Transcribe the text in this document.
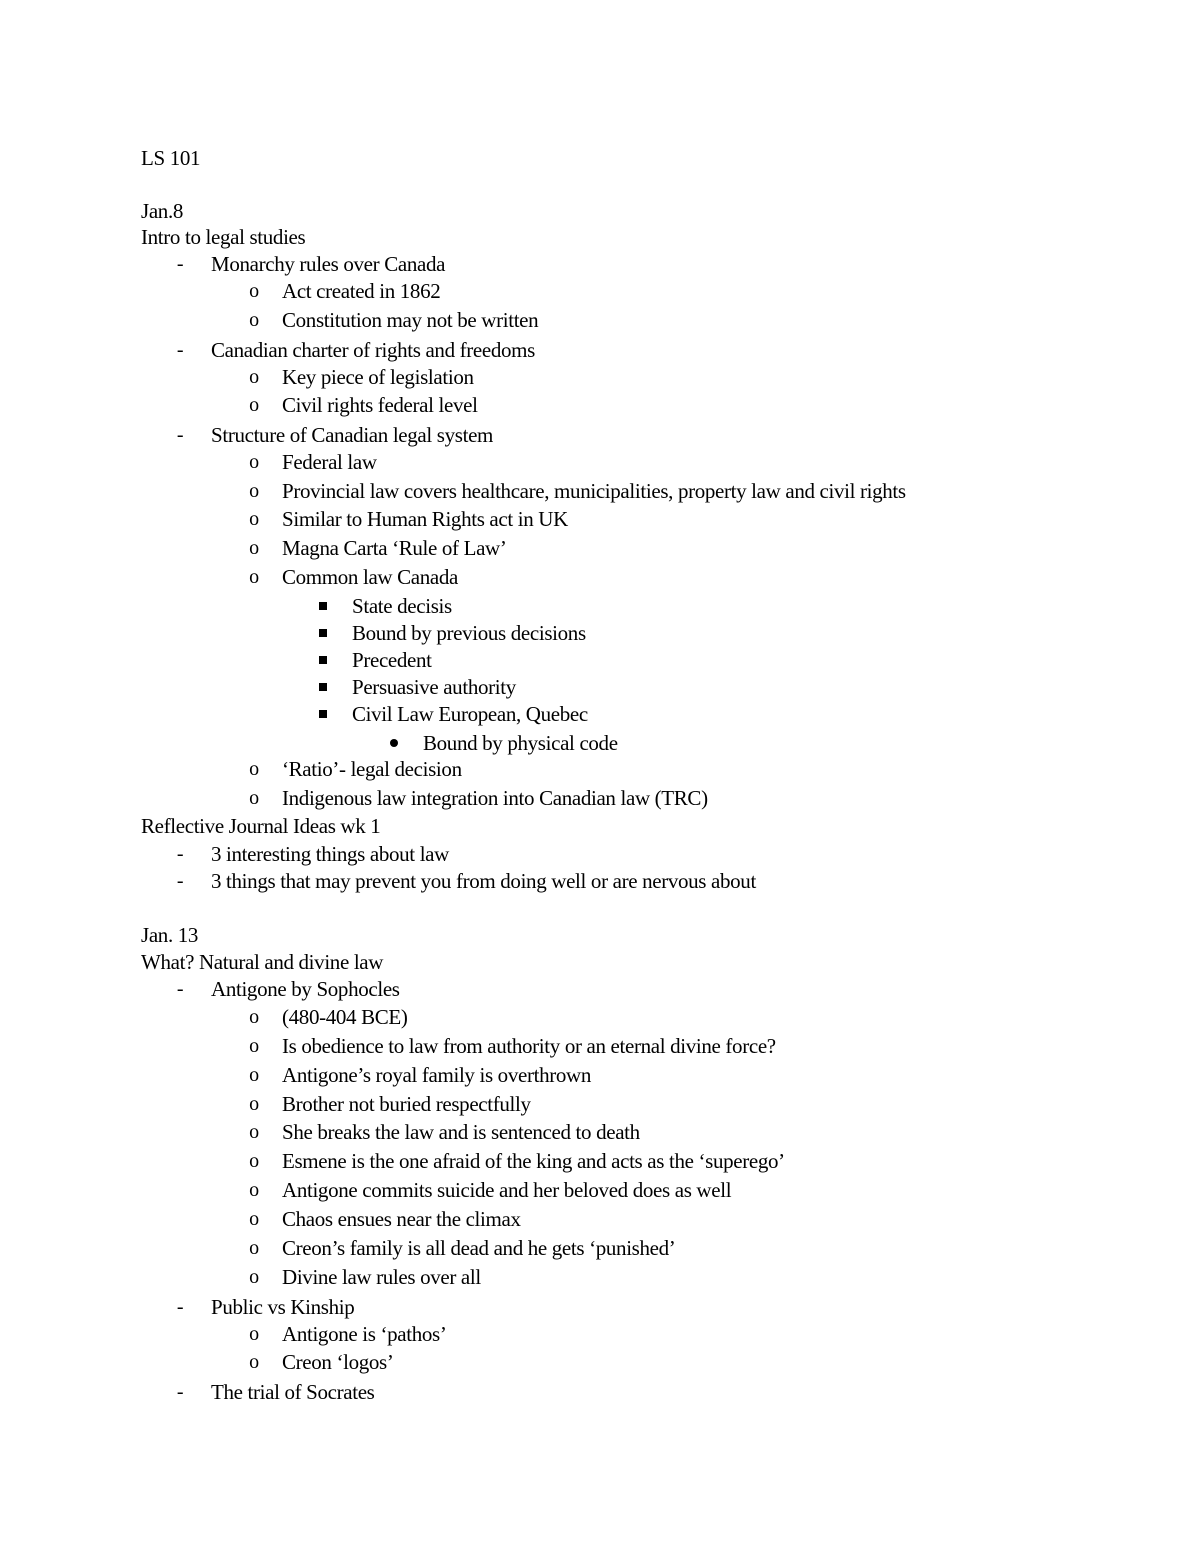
LS 101
Jan.8
Intro to legal studies
- Monarchy rules over Canada
o Act created in 1862
o Constitution may not be written
- Canadian charter of rights and freedoms
o Key piece of legislation
o Civil rights federal level
- Structure of Canadian legal system
o Federal law
o Provincial law covers healthcare, municipalities, property law and civil rights
o Similar to Human Rights act in UK
o Magna Carta ‘Rule of Law’
o Common law Canada
State decisis
Bound by previous decisions
Precedent
Persuasive authority
Civil Law European, Quebec
Bound by physical code
o ‘Ratio’- legal decision
o Indigenous law integration into Canadian law (TRC)
Reflective Journal Ideas wk 1
- 3 interesting things about law
- 3 things that may prevent you from doing well or are nervous about
Jan. 13
What? Natural and divine law
- Antigone by Sophocles
o (480-404 BCE)
o Is obedience to law from authority or an eternal divine force?
o Antigone’s royal family is overthrown
o Brother not buried respectfully
o She breaks the law and is sentenced to death
o Esmene is the one afraid of the king and acts as the ‘superego’
o Antigone commits suicide and her beloved does as well
o Chaos ensues near the climax
o Creon’s family is all dead and he gets ‘punished’
o Divine law rules over all
- Public vs Kinship
o Antigone is ‘pathos’
o Creon ‘logos’
- The trial of Socrates
